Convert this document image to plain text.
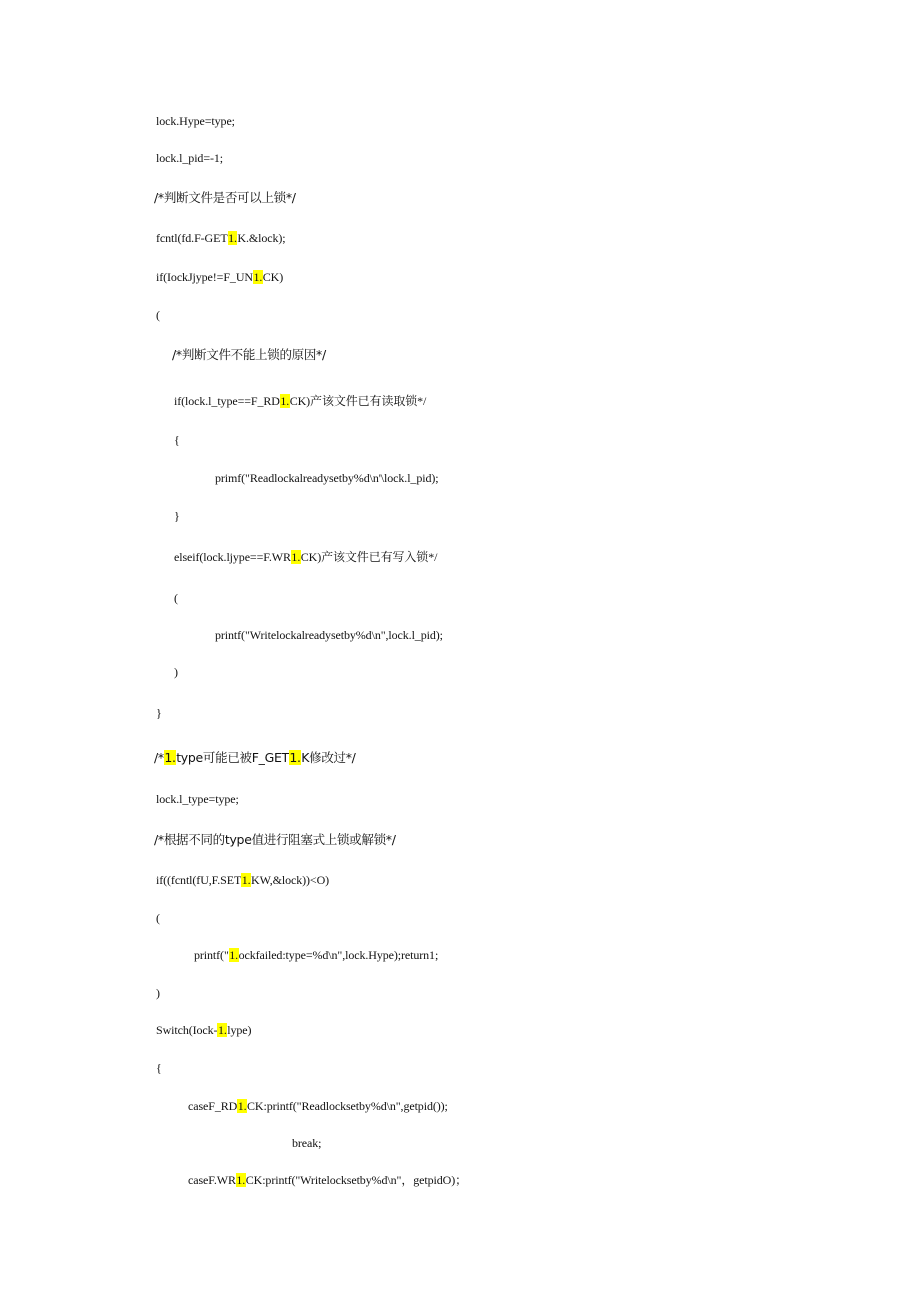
lock.Hype=type;
lock.l_pid=-1;
/*判断文件是否可以上锁*/
fcntl(fd.F-GET1.K.&lock);
if(IockJjype!=F_UN1.CK)
(
/*判断文件不能上锁的原因*/
if(lock.l_type==F_RD1.CK)产该文件已有读取锁*/
{
primf("Readlockalreadysetby%d\n'\lock.l_pid);
}
elseif(lock.ljype==F.WR1.CK)产该文件已有写入锁*/
(
printf("Writelockalreadysetby%d\n",lock.l_pid);
)
}
/*1.type可能已被F_GET1.K修改过*/
lock.l_type=type;
/*根据不同的type值进行阻塞式上锁或解锁*/
if((fcntl(fU,F.SET1.KW,&lock))<O)
(
printf("1.ockfailed:type=%d\n",lock.Hype);return1;
)
Switch(Iock-1.lype)
{
caseF_RD1.CK:printf("Readlocksetby%d\n",getpid());
break;
caseF.WR1.CK:printf("Writelocksetby%d\n"，getpidO)；
